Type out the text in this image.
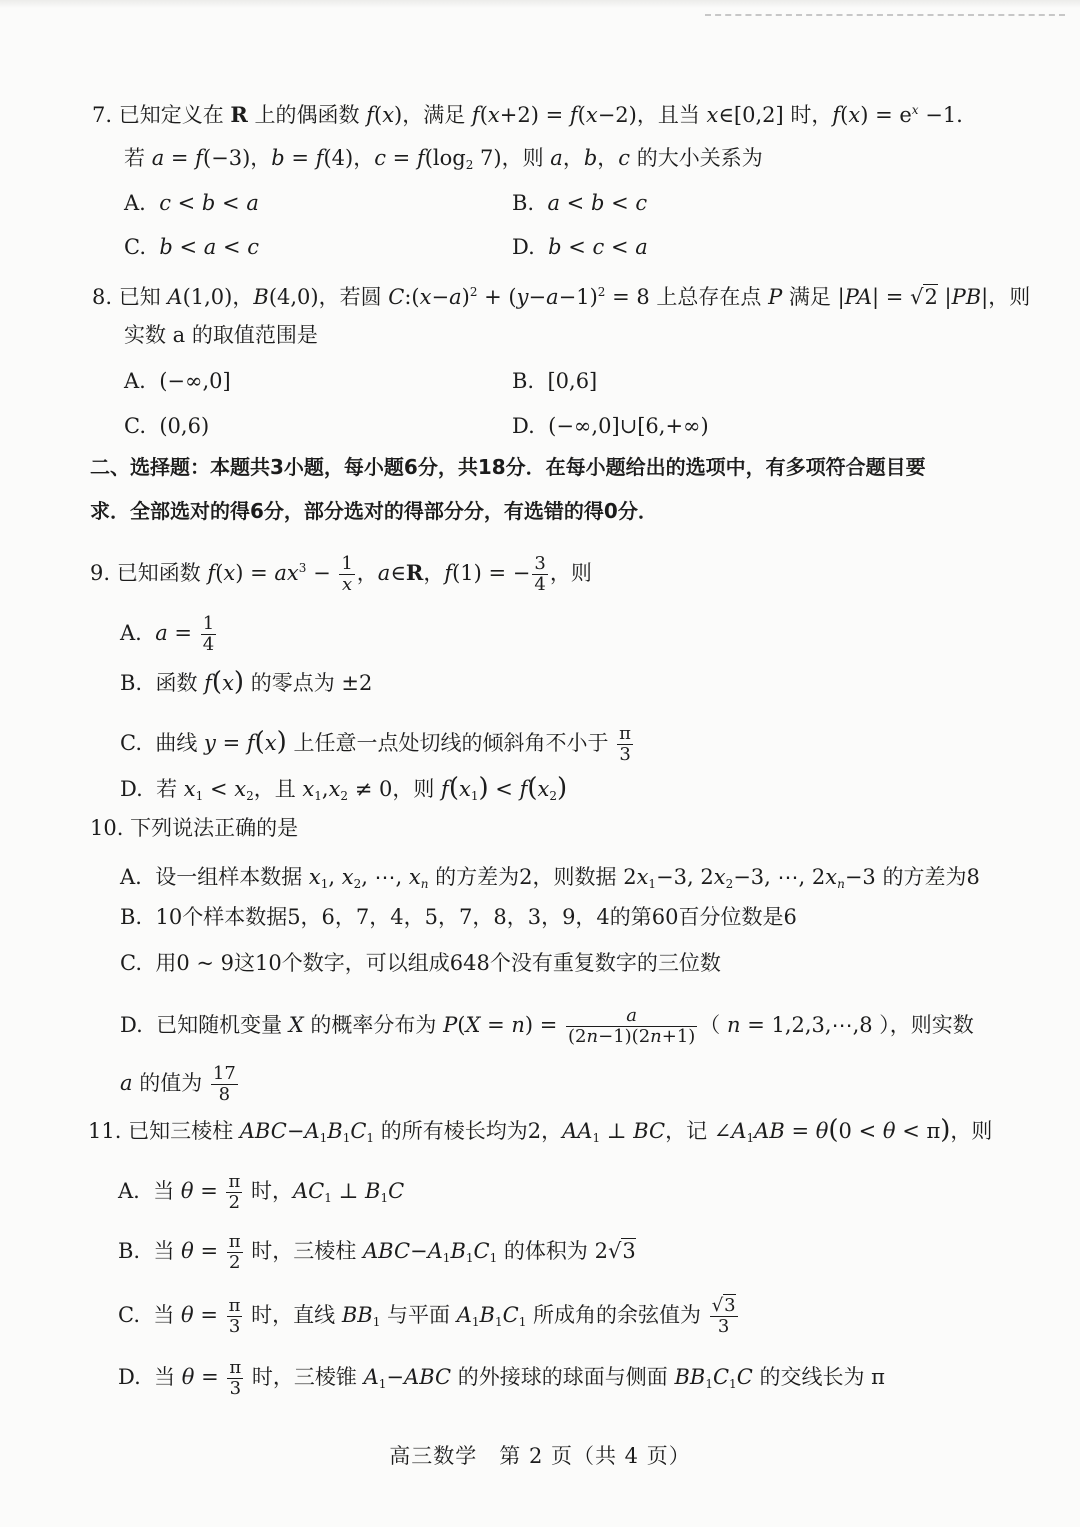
7. 已知定义在 R 上的偶函数 f(x)，满足 f(x+2) = f(x−2)，且当 x∈[0,2] 时，$f(x) = e^x -1$．
若 a = f(−3)，b = f(4)，$c = f(\log_2$ 7)，则 a，b，c 的大小关系为
A. c < b < a	B. a < b < c
C. b < a < c	D. b < c < a
8. 已知 A(1,0)，B(4,0)，若圆 $C:(x-a)^2 + (y-a-1)^2 = 8$ 上总存在点 P 满足 |PA| = √2 |PB|，则
实数 a 的取值范围是
A. (−∞,0]	B. [0,6]
C. (0,6)	D. (−∞,0]∪[6,+∞)
二、选择题：本题共3小题，每小题6分，共18分．在每小题给出的选项中，有多项符合题目要
求．全部选对的得6分，部分选对的得部分分，有选错的得0分．
9. 已知函数 $f(x) = ax^3 - \frac{1}{x}$ ，a∈R，f(1) = − $\frac{3}{4}$ ，则
A. $a = \frac{1}{4}$
B.  函数 f(x) 的零点为 ±2
C.  曲线 y = f(x) 上任意一点处切线的倾斜角不小于 $\frac{\pi}{3}$
D.  若 $x_1 < x_2$，且 $x_1,x_2 \ne 0$，则 $f(x_1) < f(x_2)$
10. 下列说法正确的是
A.  设一组样本数据 $x_1$, $x_2$, ⋯, $x_n$ 的方差为2，则数据 $2x_1-3$, $2x_2-3$, ⋯, $2x_n-3$ 的方差为8
B. 10个样本数据5，6，7，4，5，7，8，3，9，4的第60百分位数是6
C. 用0 ~ 9这10个数字，可以组成648个没有重复数字的三位数
D.  已知随机变量 X 的概率分布为 $P(X = n) = \frac{a}{(2n-1)(2n+1)}$ （ n = 1,2,3,⋯,8 ），则实数
a 的值为 $\frac{17}{8}$
11. 已知三棱柱 $ABC-A_1B_1C_1$ 的所有棱长均为2，$AA_1$ ⊥ BC，记 $\angle A_1AB = \theta(0 < \theta < \pi)$，则
A.  当 $\theta = \frac{\pi}{2}$ 时，$AC_1$ ⊥ $B_1C$
B.  当 $\theta = \frac{\pi}{2}$ 时，三棱柱 $ABC-A_1B_1C_1$ 的体积为 2√3
C.  当 $\theta = \frac{\pi}{3}$ 时，直线 $BB_1$ 与平面 $A_1B_1C_1$ 所成角的余弦值为 $\frac{√3}{3}$
D.  当 $\theta = \frac{\pi}{3}$ 时，三棱锥 $A_1-ABC$ 的外接球的球面与侧面 $BB_1C_1C$ 的交线长为 π
高三数学　第 2 页（共 4 页）
